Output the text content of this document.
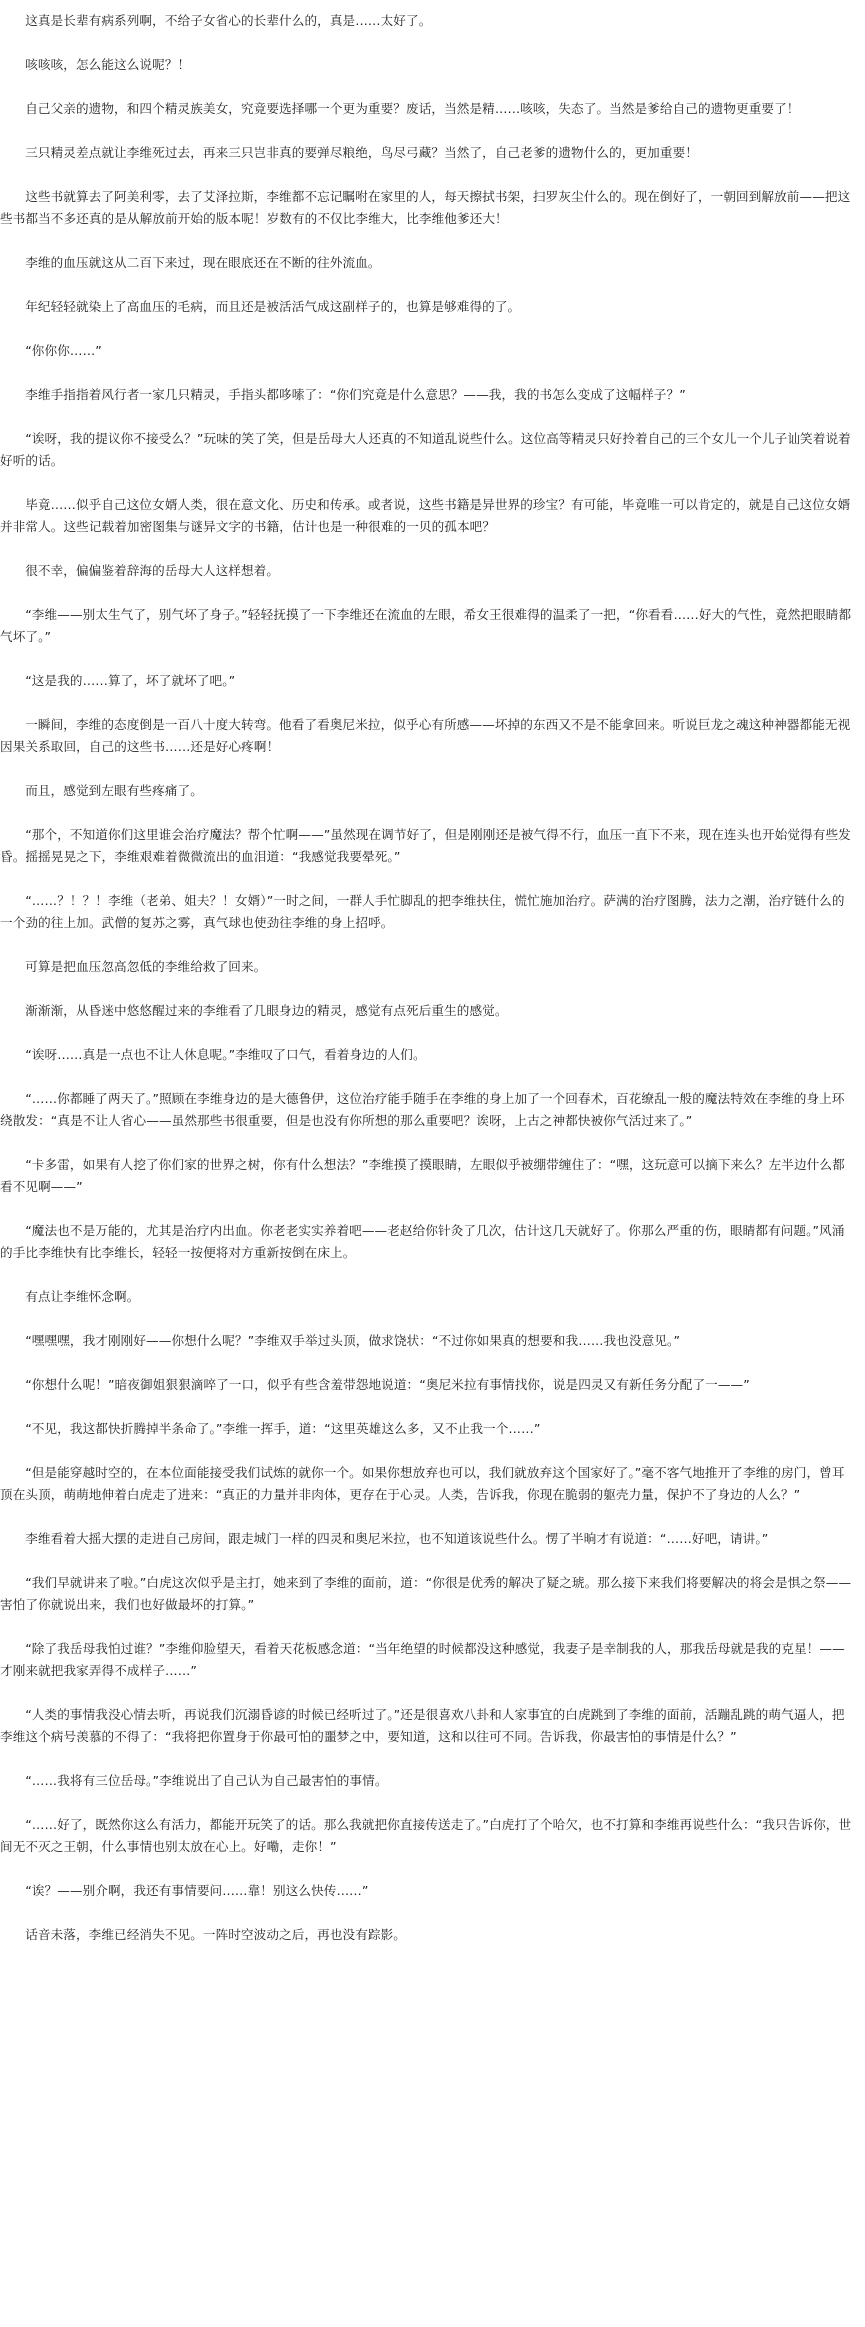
这真是长辈有病系列啊，不给子女省心的长辈什么的，真是……太好了。

咳咳咳，怎么能这么说呢？！

自己父亲的遗物，和四个精灵族美女，究竟要选择哪一个更为重要？废话，当然是精……咳咳，失态了。当然是爹给自己的遗物更重要了！

三只精灵差点就让李维死过去，再来三只岂非真的要弹尽粮绝，鸟尽弓藏？当然了，自己老爹的遗物什么的，更加重要！

这些书就算去了阿美利零，去了艾泽拉斯，李维都不忘记瞩咐在家里的人，每天擦拭书架，扫罗灰尘什么的。现在倒好了，一朝回到解放前——把这些书都当不多还真的是从解放前开始的版本呢！岁数有的不仅比李维大，比李维他爹还大！

李维的血压就这从二百下来过，现在眼底还在不断的往外流血。

年纪轻轻就染上了高血压的毛病，而且还是被活活气成这副样子的，也算是够难得的了。

“你你你……”

李维手指指着风行者一家几只精灵，手指头都哆嗦了：“你们究竟是什么意思？——我，我的书怎么变成了这幅样子？”

“诶呀，我的提议你不接受么？”玩味的笑了笑，但是岳母大人还真的不知道乱说些什么。这位高等精灵只好拎着自己的三个女儿一个儿子讪笑着说着好听的话。

毕竟……似乎自己这位女婿人类，很在意文化、历史和传承。或者说，这些书籍是异世界的珍宝？有可能，毕竟唯一可以肯定的，就是自己这位女婿并非常人。这些记载着加密图集与谜异文字的书籍，估计也是一种很难的一贝的孤本吧？

很不幸，偏偏鉴着辞海的岳母大人这样想着。

“李维——别太生气了，别气坏了身子。”轻轻抚摸了一下李维还在流血的左眼，希女王很难得的温柔了一把，“你看看……好大的气性，竟然把眼睛都气坏了。”

“这是我的……算了，坏了就坏了吧。”

一瞬间，李维的态度倒是一百八十度大转弯。他看了看奥尼米拉，似乎心有所感——坏掉的东西又不是不能拿回来。听说巨龙之魂这种神器都能无视因果关系取回，自己的这些书……还是好心疼啊！

而且，感觉到左眼有些疼痛了。

“那个，不知道你们这里谁会治疗魔法？帮个忙啊——”虽然现在调节好了，但是刚刚还是被气得不行，血压一直下不来，现在连头也开始觉得有些发昏。摇摇晃晃之下，李维艰难着微微流出的血泪道：“我感觉我要晕死。”

“……？！？！李维（老弟、姐夫？！女婿）”一时之间，一群人手忙脚乱的把李维扶住，慌忙施加治疗。萨满的治疗图腾，法力之潮，治疗链什么的一个劲的往上加。武僧的复苏之雾，真气球也使劲往李维的身上招呼。

可算是把血压忽高忽低的李维给救了回来。

渐渐渐，从昏迷中悠悠醒过来的李维看了几眼身边的精灵，感觉有点死后重生的感觉。

“诶呀……真是一点也不让人休息呢。”李维叹了口气，看着身边的人们。

“……你都睡了两天了。”照顾在李维身边的是大德鲁伊，这位治疗能手随手在李维的身上加了一个回春术，百花缭乱一般的魔法特效在李维的身上环绕散发：“真是不让人省心——虽然那些书很重要，但是也没有你所想的那么重要吧？诶呀，上古之神都快被你气活过来了。”

“卡多雷，如果有人挖了你们家的世界之树，你有什么想法？”李维摸了摸眼睛，左眼似乎被绷带缠住了：“嘿，这玩意可以摘下来么？左半边什么都看不见啊——”

“魔法也不是万能的，尤其是治疗内出血。你老老实实养着吧——老赵给你针灸了几次，估计这几天就好了。你那么严重的伤，眼睛都有问题。”风涌的手比李维快有比李维长，轻轻一按便将对方重新按倒在床上。

有点让李维怀念啊。

“嘿嘿嘿，我才刚刚好——你想什么呢？”李维双手举过头顶，做求饶状：“不过你如果真的想要和我……我也没意见。”

“你想什么呢！”暗夜御姐狠狠滴啐了一口，似乎有些含羞带怨地说道：“奥尼米拉有事情找你，说是四灵又有新任务分配了一——”

“不见，我这都快折腾掉半条命了。”李维一挥手，道：“这里英雄这么多，又不止我一个……”

“但是能穿越时空的，在本位面能接受我们试炼的就你一个。如果你想放弃也可以，我们就放弃这个国家好了。”毫不客气地推开了李维的房门，曾耳顶在头顶，萌萌地伸着白虎走了进来：“真正的力量并非肉体，更存在于心灵。人类，告诉我，你现在脆弱的躯壳力量，保护不了身边的人么？”

李维看着大摇大摆的走进自己房间，跟走城门一样的四灵和奥尼米拉，也不知道该说些什么。愣了半晌才有说道：“……好吧，请讲。”

“我们早就讲来了啦。”白虎这次似乎是主打，她来到了李维的面前，道：“你很是优秀的解决了疑之琥。那么接下来我们将要解决的将会是惧之祭——害怕了你就说出来，我们也好做最坏的打算。”

“除了我岳母我怕过谁？”李维仰脸望天，看着天花板感念道：“当年绝望的时候都没这种感觉，我妻子是幸制我的人，那我岳母就是我的克星！——才刚来就把我家弄得不成样子……”

“人类的事情我没心情去听，再说我们沉溺昏谚的时候已经听过了。”还是很喜欢八卦和人家事宜的白虎跳到了李维的面前，活蹦乱跳的萌气逼人，把李维这个病号羡慕的不得了：“我将把你置身于你最可怕的噩梦之中，要知道，这和以往可不同。告诉我，你最害怕的事情是什么？”

“……我将有三位岳母。”李维说出了自己认为自己最害怕的事情。

“……好了，既然你这么有活力，都能开玩笑了的话。那么我就把你直接传送走了。”白虎打了个哈欠，也不打算和李维再说些什么：“我只告诉你，世间无不灭之王朝，什么事情也别太放在心上。好嘞，走你！”

“诶？——别介啊，我还有事情要问……靠！别这么快传……”

话音未落，李维已经消失不见。一阵时空波动之后，再也没有踪影。
